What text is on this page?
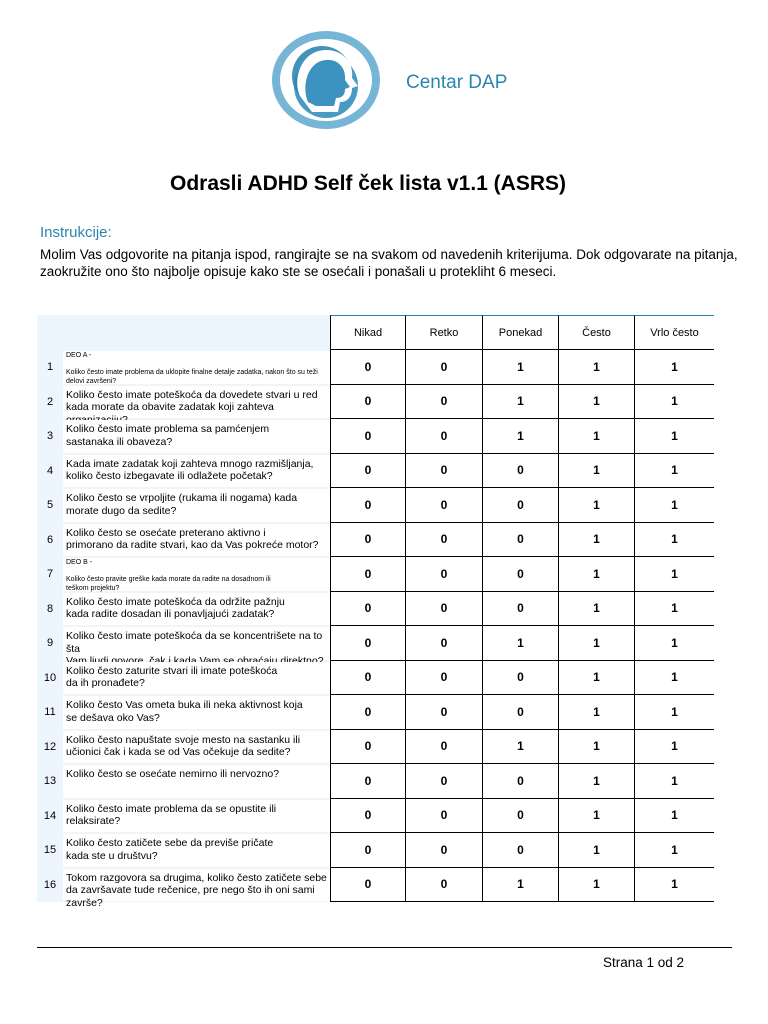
Centar DAP
Odrasli ADHD Self ček lista v1.1 (ASRS)
Instrukcije:
Molim Vas odgovorite na pitanja ispod, rangirajte se na svakom od navedenih kriterijuma. Dok odgovarate na pitanja, zaokružite ono što najbolje opisuje kako ste se osećali i ponašali u protekliht 6 meseci.
Nikad	Retko	Ponekad	Često	Vrlo često
1
DEO A -

Koliko često imate problema da uklopite finalne detalje zadatka, nakon što su teži delovi završeni?
0	0	1	1	1
2
Koliko često imate poteškoća da dovedete stvari u red
kada morate da obavite zadatak koji zahteva	0	0	1	1	1
3
Koliko često imate problema sa pamćenjem
sastanaka ili obaveza?	0	0	1	1	1
4
Kada imate zadatak koji zahteva mnogo razmišljanja,
koliko često izbegavate ili odlažete početak?	0	0	0	1	1
5
Koliko često se vrpoljite (rukama ili nogama) kada
morate dugo da sedite?	0	0	0	1	1
6
Koliko često se osećate preterano aktivno i
primorano da radite stvari, kao da Vas pokreće motor?	0	0	0	1	1
7
DEO B -

Koliko često pravite greške kada morate da radite na dosadnom ili
teškom projektu?
0	0	0	1	1
8
Koliko često imate poteškoća da održite pažnju
kada radite dosadan ili ponavljajući zadatak?	0	0	0	1	1
9
Koliko često imate poteškoća da se koncentrišete na to šta	0	0	1	1	1
10
Koliko često zaturite stvari ili imate poteškoća
da ih pronađete?	0	0	0	1	1
11
Koliko često Vas ometa buka ili neka aktivnost koja
se dešava oko Vas?	0	0	0	1	1
12
Koliko često napuštate svoje mesto na sastanku ili
učionici čak i kada se od Vas očekuje da sedite?	0	0	1	1	1
13
Koliko često se osećate nemirno ili nervozno?	0	0	0	1	1
14
Koliko često imate problema da se opustite ili
relaksirate?	0	0	0	1	1
15
Koliko često zatičete sebe da previše pričate
kada ste u društvu?	0	0	0	1	1
16
Tokom razgovora sa drugima, koliko često zatičete sebe
da završavate tude rečenice, pre nego što ih oni sami
završe?
0	0	1	1	1
Strana 1 od 2
